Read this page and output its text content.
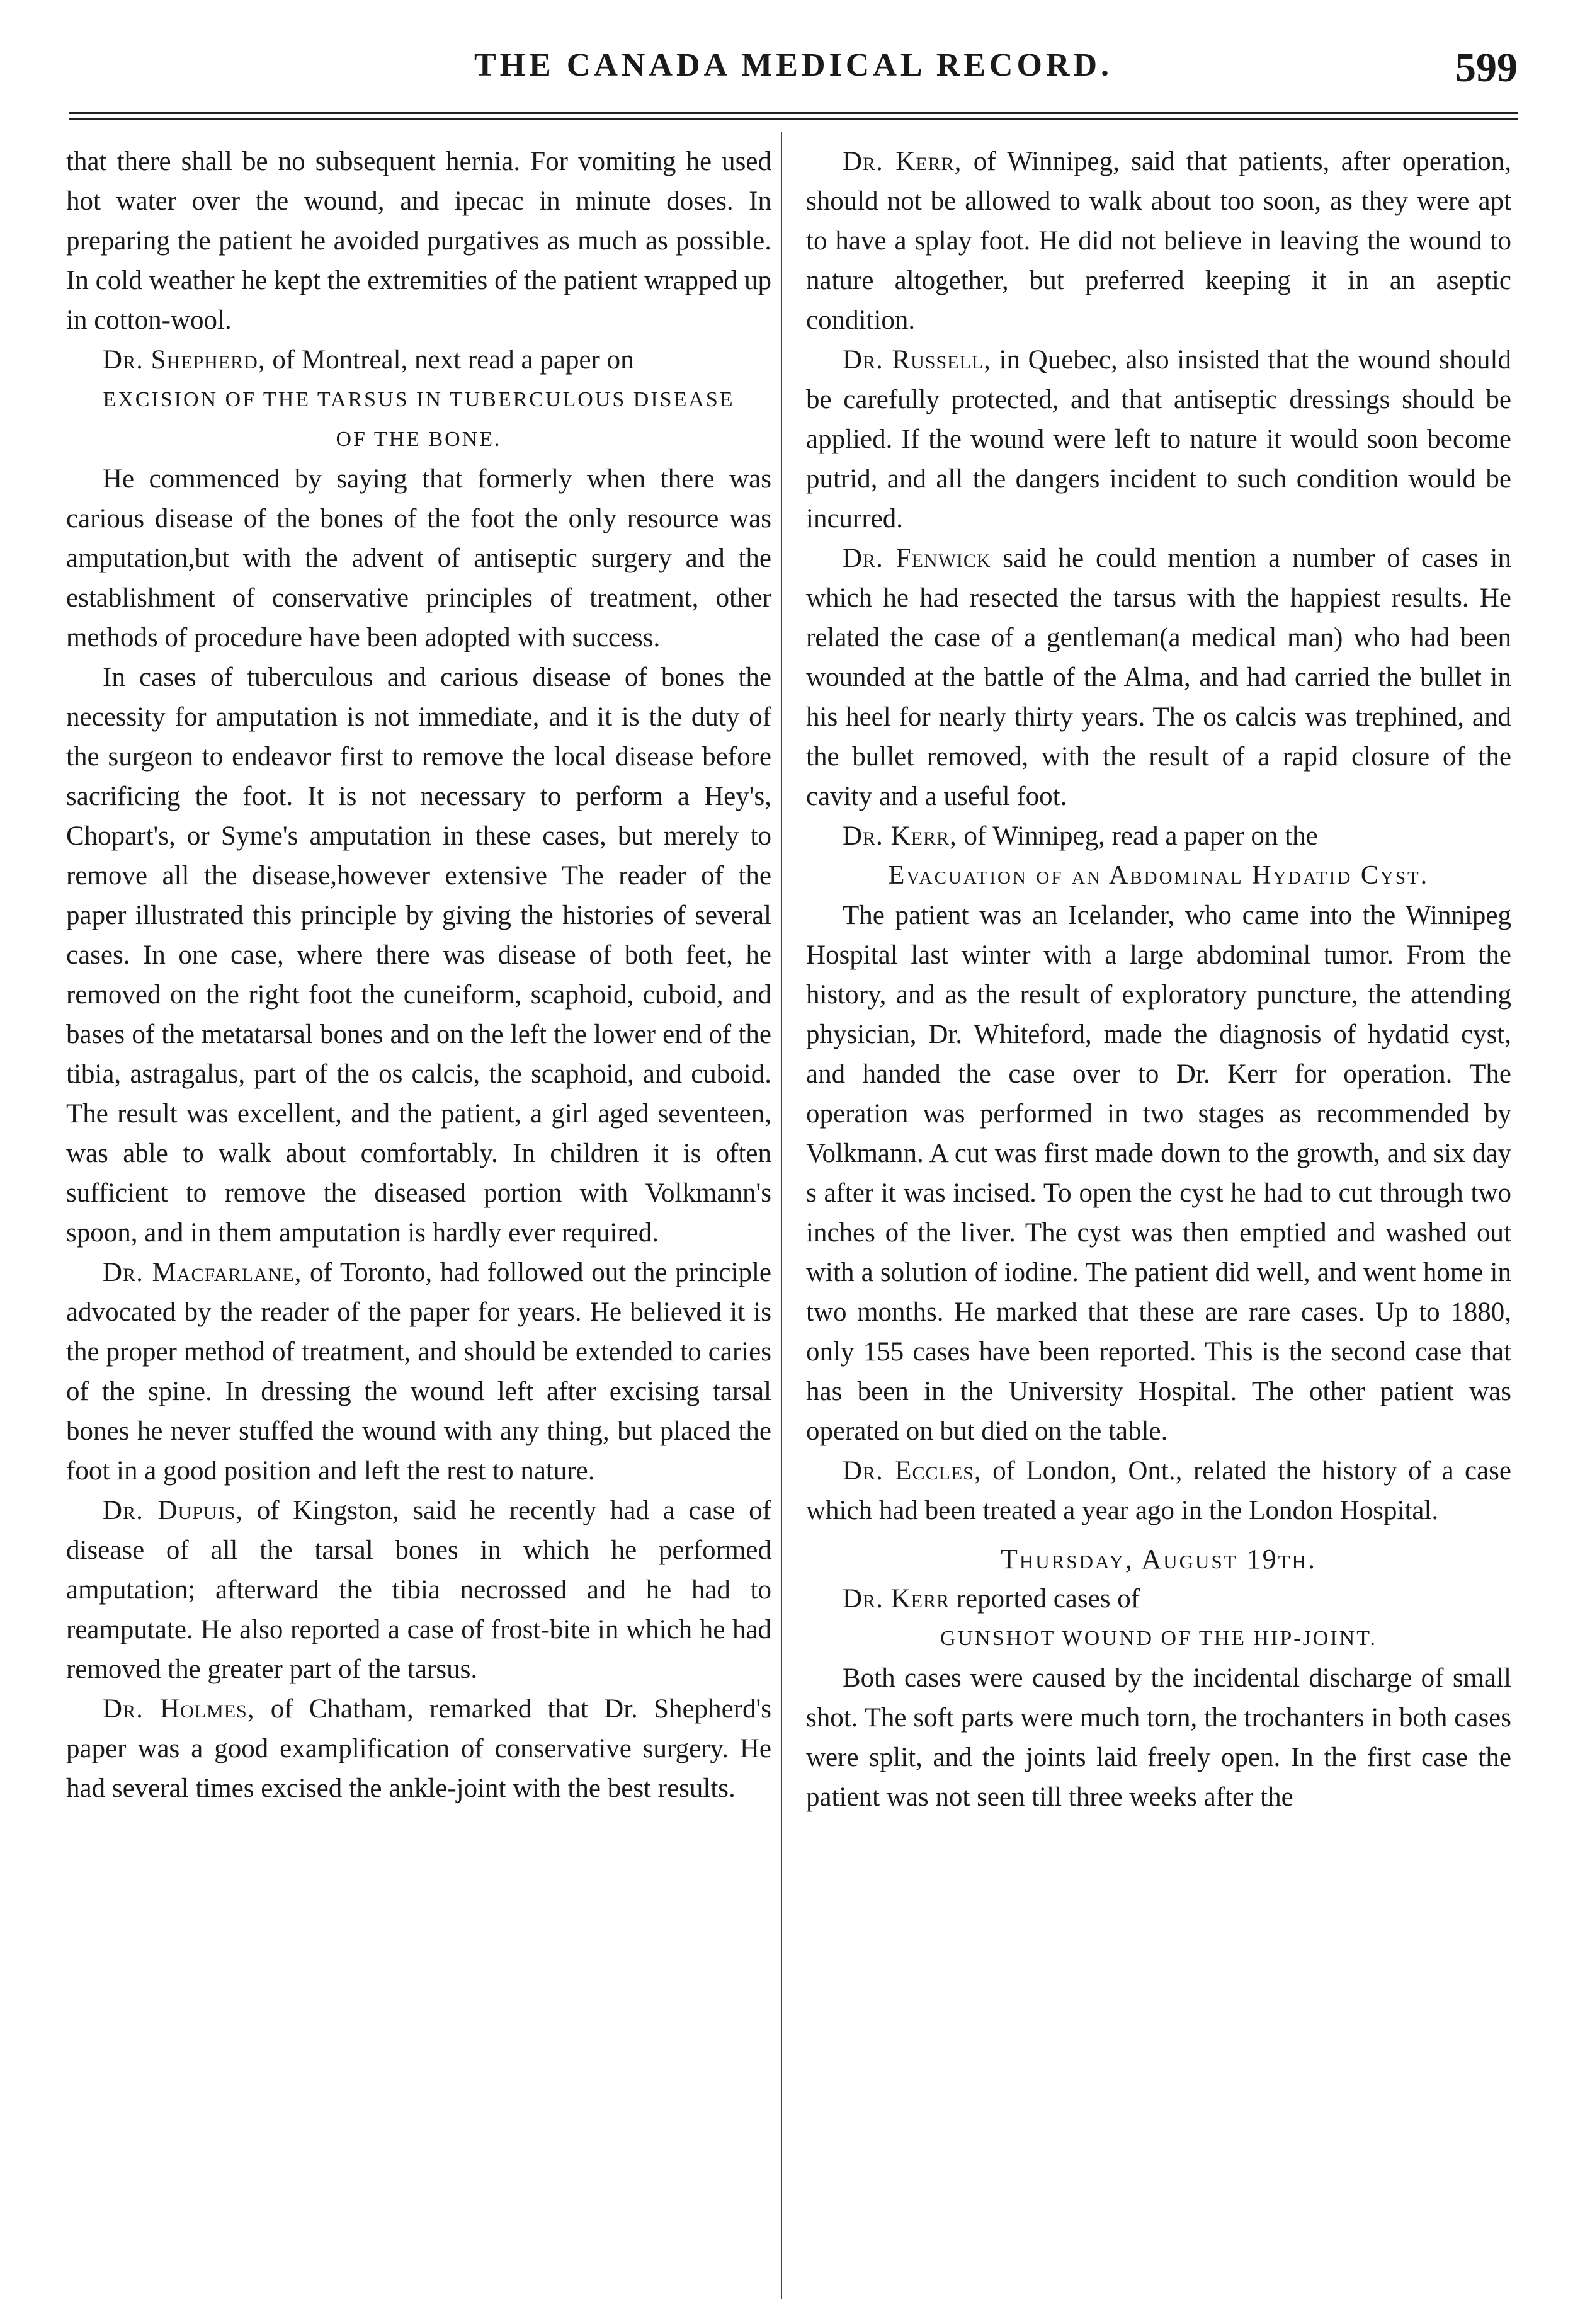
THE CANADA MEDICAL RECORD.	599

that there shall be no subsequent hernia. For vomiting he used hot water over the wound, and ipecac in minute doses. In preparing the patient he avoided purgatives as much as possible. In cold weather he kept the extremities of the patient wrapped up in cotton-wool.

Dr. Shepherd, of Montreal, next read a paper on

EXCISION OF THE TARSUS IN TUBERCULOUS DISEASE
OF THE BONE.

He commenced by saying that formerly when there was carious disease of the bones of the foot the only resource was amputation,but with the advent of antiseptic surgery and the establishment of conservative principles of treatment, other methods of procedure have been adopted with success.

In cases of tuberculous and carious disease of bones the necessity for amputation is not immediate, and it is the duty of the surgeon to endeavor first to remove the local disease before sacrificing the foot. It is not necessary to perform a Hey's, Chopart's, or Syme's amputation in these cases, but merely to remove all the disease,however extensive The reader of the paper illustrated this principle by giving the histories of several cases. In one case, where there was disease of both feet, he removed on the right foot the cuneiform, scaphoid, cuboid, and bases of the metatarsal bones and on the left the lower end of the tibia, astragalus, part of the os calcis, the scaphoid, and cuboid. The result was excellent, and the patient, a girl aged seventeen, was able to walk about comfortably. In children it is often sufficient to remove the diseased portion with Volkmann's spoon, and in them amputation is hardly ever required.

Dr. Macfarlane, of Toronto, had followed out the principle advocated by the reader of the paper for years. He believed it is the proper method of treatment, and should be extended to caries of the spine. In dressing the wound left after excising tarsal bones he never stuffed the wound with any thing, but placed the foot in a good position and left the rest to nature.

Dr. Dupuis, of Kingston, said he recently had a case of disease of all the tarsal bones in which he performed amputation; afterward the tibia necrossed and he had to reamputate. He also reported a case of frost-bite in which he had removed the greater part of the tarsus.

Dr. Holmes, of Chatham, remarked that Dr. Shepherd's paper was a good examplification of conservative surgery. He had several times excised the ankle-joint with the best results.

Dr. Kerr, of Winnipeg, said that patients, after operation, should not be allowed to walk about too soon, as they were apt to have a splay foot. He did not believe in leaving the wound to nature altogether, but preferred keeping it in an aseptic condition.

Dr. Russell, in Quebec, also insisted that the wound should be carefully protected, and that antiseptic dressings should be applied. If the wound were left to nature it would soon become putrid, and all the dangers incident to such condition would be incurred.

Dr. Fenwick said he could mention a number of cases in which he had resected the tarsus with the happiest results. He related the case of a gentleman(a medical man) who had been wounded at the battle of the Alma, and had carried the bullet in his heel for nearly thirty years. The os calcis was trephined, and the bullet removed, with the result of a rapid closure of the cavity and a useful foot.

Dr. Kerr, of Winnipeg, read a paper on the

Evacuation of an Abdominal Hydatid Cyst.

The patient was an Icelander, who came into the Winnipeg Hospital last winter with a large abdominal tumor. From the history, and as the result of exploratory puncture, the attending physician, Dr. Whiteford, made the diagnosis of hydatid cyst, and handed the case over to Dr. Kerr for operation. The operation was performed in two stages as recommended by Volkmann. A cut was first made down to the growth, and six day s after it was incised. To open the cyst he had to cut through two inches of the liver. The cyst was then emptied and washed out with a solution of iodine. The patient did well, and went home in two months. He marked that these are rare cases. Up to 1880, only 155 cases have been reported. This is the second case that has been in the University Hospital. The other patient was operated on but died on the table.

Dr. Eccles, of London, Ont., related the history of a case which had been treated a year ago in the London Hospital.

Thursday, August 19th.

Dr. Kerr reported cases of

GUNSHOT WOUND OF THE HIP-JOINT.

Both cases were caused by the incidental discharge of small shot. The soft parts were much torn, the trochanters in both cases were split, and the joints laid freely open. In the first case the patient was not seen till three weeks after the
